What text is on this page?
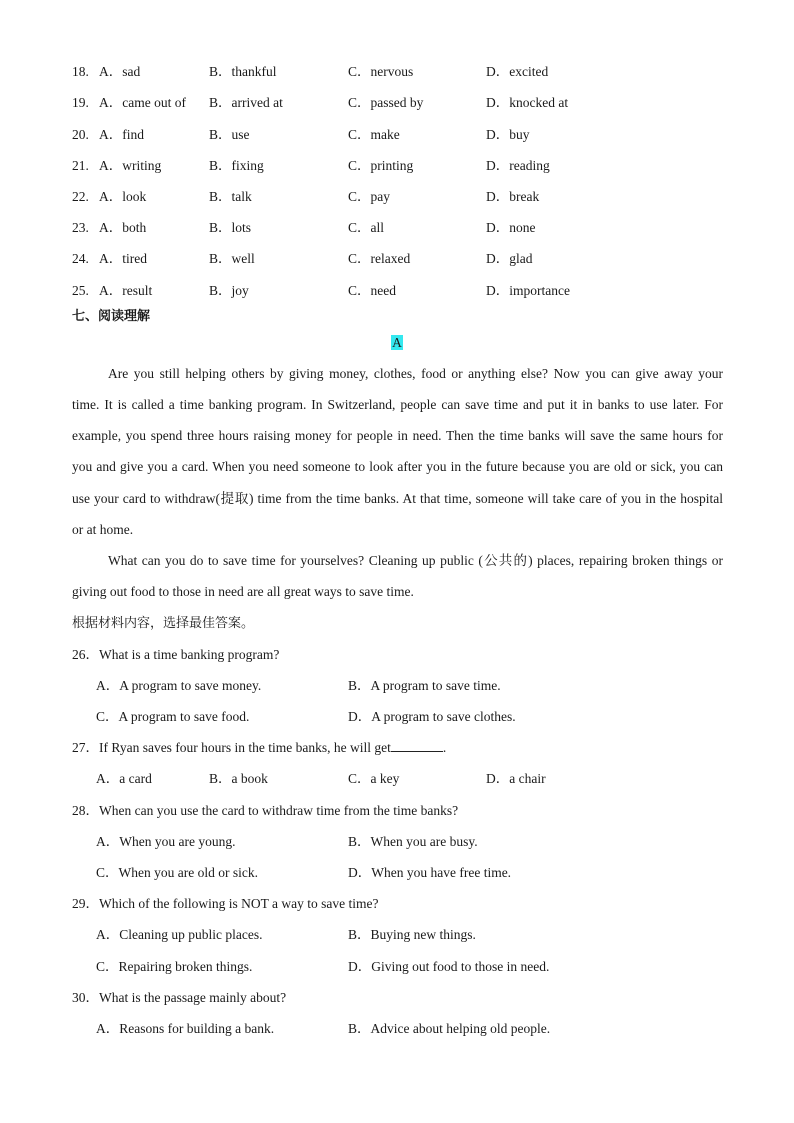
18. A．sad	B．thankful	C．nervous	D．excited
19. A．came out of B．arrived at	C．passed by	D．knocked at
20. A．find	B．use	C．make	D．buy
21. A．writing	B．fixing	C．printing	D．reading
22. A．look	B．talk	C．pay	D．break
23. A．both	B．lots	C．all	D．none
24. A．tired	B．well	C．relaxed	D．glad
25. A．result	B．joy	C．need	D．importance
七、阅读理解
A
Are you still helping others by giving money, clothes, food or anything else? Now you can give away your
time. It is called a time banking program. In Switzerland, people can save time and put it in banks to use later. For
example, you spend three hours raising money for people in need. Then the time banks will save the same hours for
you and give you a card. When you need someone to look after you in the future because you are old or sick, you can
use your card to withdraw(提取) time from the time banks. At that time, someone will take care of you in the hospital
or at home.
What can you do to save time for yourselves? Cleaning up public (公共的) places, repairing broken things or
giving out food to those in need are all great ways to save time.
根据材料内容，选择最佳答案。
26．What is a time banking program?
A．A program to save money.	B．A program to save time.
C．A program to save food.	D．A program to save clothes.
27．If Ryan saves four hours in the time banks, he will get	.
A．a card	B．a book	C．a key	D．a chair
28．When can you use the card to withdraw time from the time banks?
A．When you are young.	B．When you are busy.
C．When you are old or sick.	D．When you have free time.
29．Which of the following is NOT a way to save time?
A．Cleaning up public places.	B．Buying new things.
C．Repairing broken things.	D．Giving out food to those in need.
30．What is the passage mainly about?
A．Reasons for building a bank.	B．Advice about helping old people.
